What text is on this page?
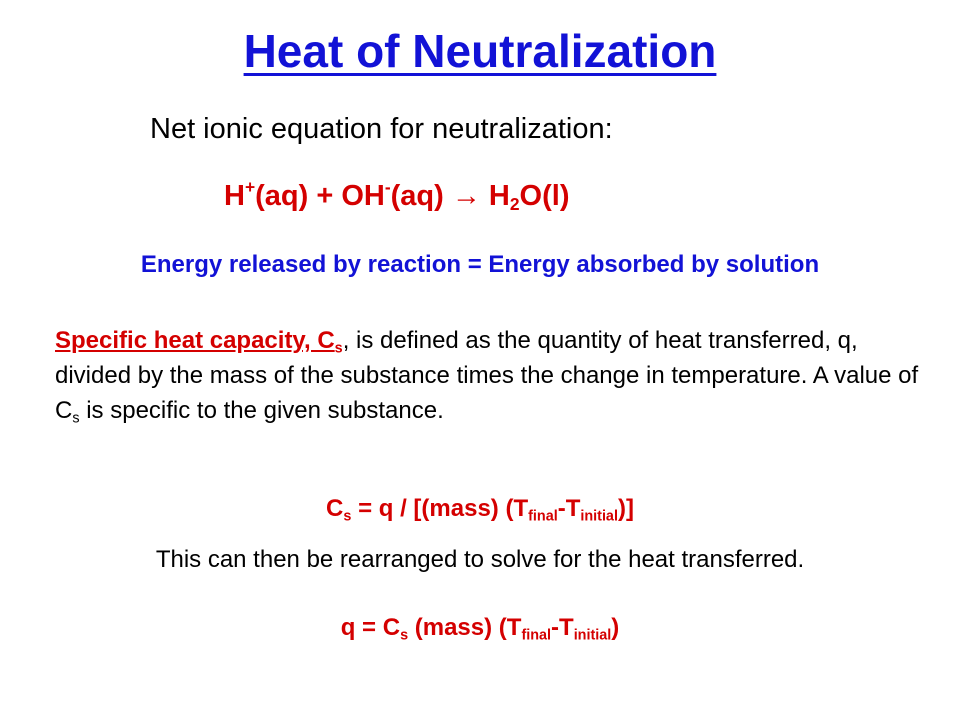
Heat of Neutralization
Net ionic equation for neutralization:
$H^+(aq) + OH^-(aq) \to H_2O(l)$
Energy released by reaction = Energy absorbed by solution
Specific heat capacity, $C_s$, is defined as the quantity of heat transferred, q, divided by the mass of the substance times the change in temperature. A value of $C_s$ is specific to the given substance.
$C_s = q$ / [(mass) $(T_{final}-T_{initial})$]
This can then be rearranged to solve for the heat transferred.
$q = C_s$ (mass) $(T_{final}-T_{initial})$
